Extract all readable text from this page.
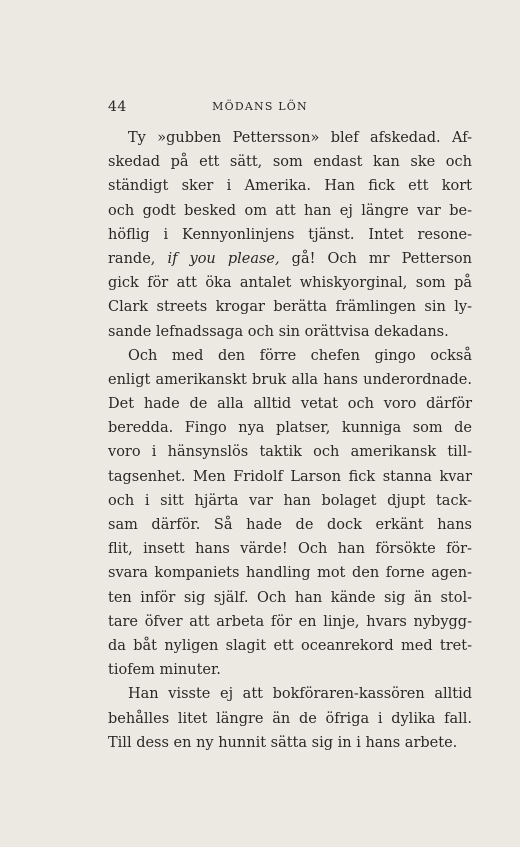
44	MÖDANS LÖN
Ty »gubben Pettersson» blef afskedad. Af-
skedad på ett sätt, som endast kan ske och
ständigt sker i Amerika. Han fick ett kort
och godt besked om att han ej längre var be-
höflig i Kennyonlinjens tjänst. Intet resone-
rande, if you please, gå! Och mr Petterson
gick för att öka antalet whiskyorginal, som på
Clark streets krogar berätta främlingen sin ly-
sande lefnadssaga och sin orättvisa dekadans.
Och med den förre chefen gingo också
enligt amerikanskt bruk alla hans underordnade.
Det hade de alla alltid vetat och voro därför
beredda. Fingo nya platser, kunniga som de
voro i hänsynslös taktik och amerikansk till-
tagsenhet. Men Fridolf Larson fick stanna kvar
och i sitt hjärta var han bolaget djupt tack-
sam därför. Så hade de dock erkänt hans
flit, insett hans värde! Och han försökte för-
svara kompaniets handling mot den forne agen-
ten inför sig själf. Och han kände sig än stol-
tare öfver att arbeta för en linje, hvars nybygg-
da båt nyligen slagit ett oceanrekord med tret-
tiofem minuter.
Han visste ej att bokföraren-kassören alltid
behålles litet längre än de öfriga i dylika fall.
Till dess en ny hunnit sätta sig in i hans arbete.
